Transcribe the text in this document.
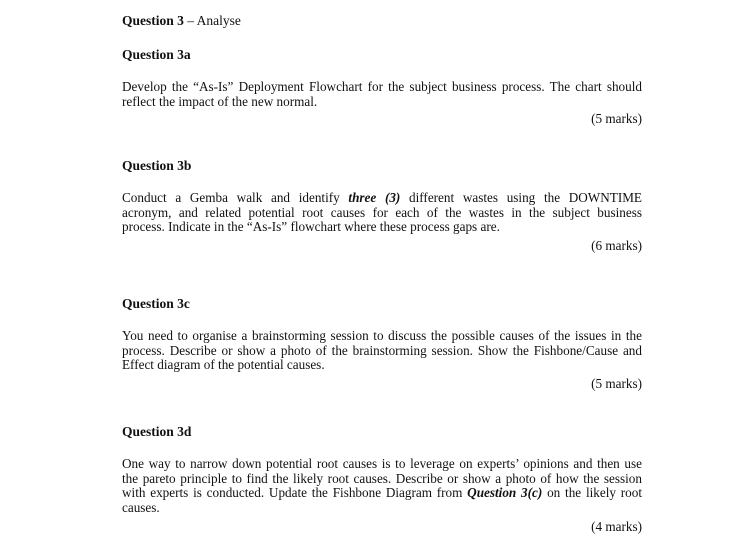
Question 3 – Analyse
Question 3a
Develop the “As-Is” Deployment Flowchart for the subject business process. The chart should
reflect the impact of the new normal.
(5 marks)
Question 3b
Conduct a Gemba walk and identify three (3) different wastes using the DOWNTIME
acronym, and related potential root causes for each of the wastes in the subject business
process. Indicate in the “As-Is” flowchart where these process gaps are.
(6 marks)
Question 3c
You need to organise a brainstorming session to discuss the possible causes of the issues in the
process. Describe or show a photo of the brainstorming session. Show the Fishbone/Cause and
Effect diagram of the potential causes.
(5 marks)
Question 3d
One way to narrow down potential root causes is to leverage on experts’ opinions and then use
the pareto principle to find the likely root causes. Describe or show a photo of how the session
with experts is conducted. Update the Fishbone Diagram from Question 3(c) on the likely root
causes.
(4 marks)
